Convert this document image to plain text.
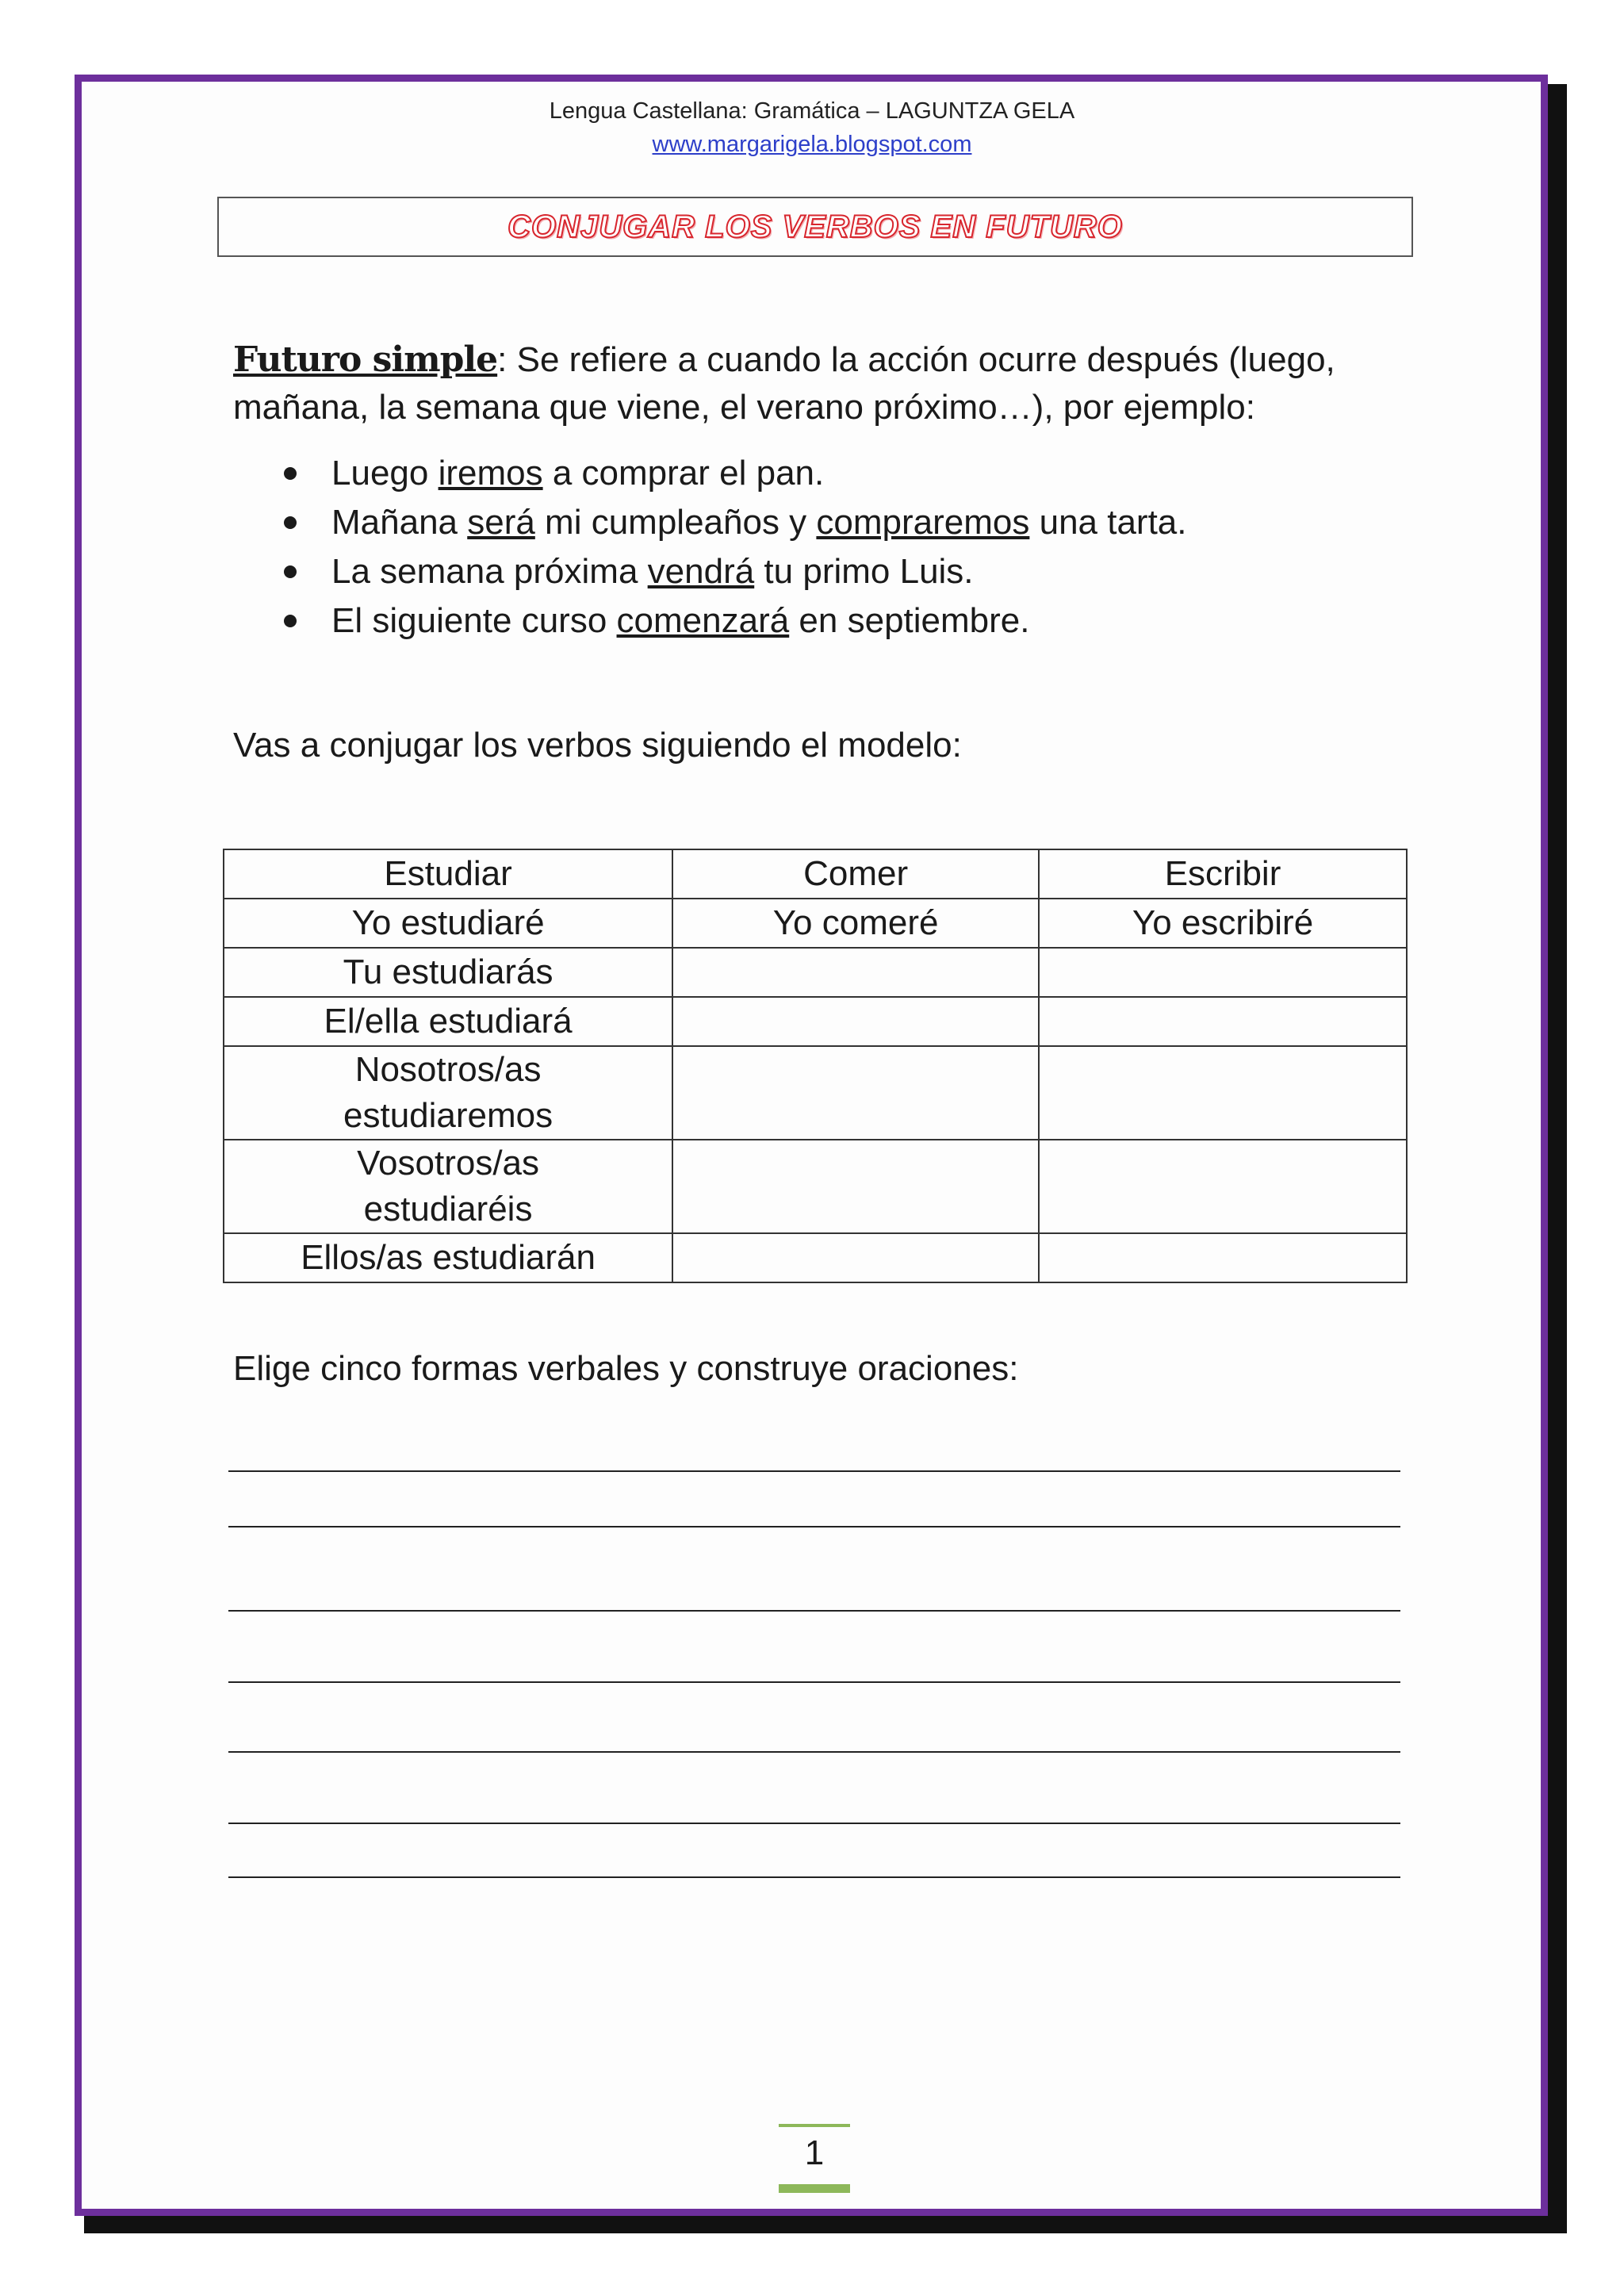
Lengua Castellana: Gramática – LAGUNTZA GELA
www.margarigela.blogspot.com
CONJUGAR LOS VERBOS EN FUTURO
Futuro simple: Se refiere a cuando la acción ocurre después (luego,
mañana, la semana que viene, el verano próximo…), por ejemplo:
Luego iremos a comprar el pan.
Mañana será mi cumpleaños y compraremos una tarta.
La semana próxima vendrá tu primo Luis.
El siguiente curso comenzará en septiembre.
Vas a conjugar los verbos siguiendo el modelo:
Estudiar	Comer	Escribir
Yo estudiaré	Yo comeré	Yo escribiré
Tu estudiarás		
El/ella estudiará		
Nosotros/as estudiaremos		
Vosotros/as estudiaréis		
Ellos/as estudiarán		
Elige cinco formas verbales y construye oraciones:
1
